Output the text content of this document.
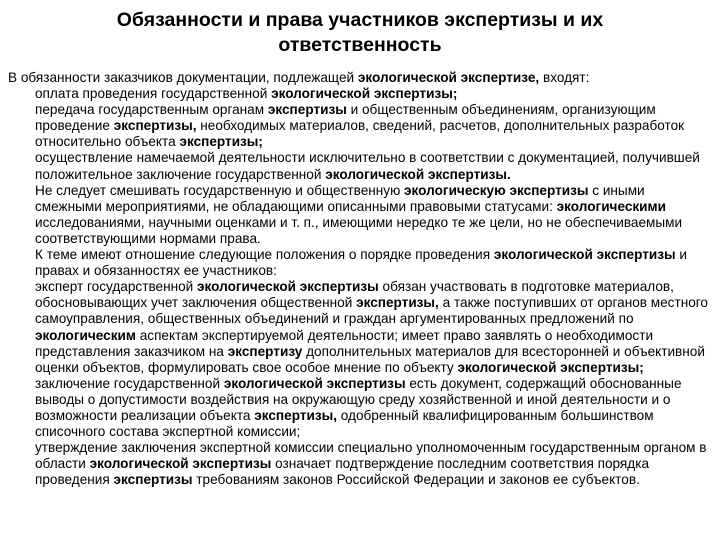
Обязанности и права участников экспертизы и их ответственность

В обязанности заказчиков документации, подлежащей экологической экспертизе, входят:
оплата проведения государственной экологической экспертизы;

передача государственным органам экспертизы и общественным объединениям, организующим проведение экспертизы, необходимых материалов, сведений, расчетов, дополнительных разработок относительно объекта экспертизы;

осуществление намечаемой деятельности исключительно в соответствии с документацией, получившей положительное заключение государственной экологической экспертизы.

Не следует смешивать государственную и общественную экологическую экспертизы с иными смежными мероприятиями, не обладающими описанными правовыми статусами: экологическими исследованиями, научными оценками и т. п., имеющими нередко те же цели, но не обеспечиваемыми соответствующими нормами права.

К теме имеют отношение следующие положения о порядке проведения экологической экспертизы и правах и обязанностях ее участников:

эксперт государственной экологической экспертизы обязан участвовать в подготовке материалов, обосновывающих учет заключения общественной экспертизы, а также поступивших от органов местного самоуправления, общественных объединений и граждан аргументированных предложений по экологическим аспектам экспертируемой деятельности; имеет право заявлять о необходимости представления заказчиком на экспертизу дополнительных материалов для всесторонней и объективной оценки объектов, формулировать свое особое мнение по объекту экологической экспертизы;

заключение государственной экологической экспертизы есть документ, содержащий обоснованные выводы о допустимости воздействия на окружающую среду хозяйственной и иной деятельности и о возможности реализации объекта экспертизы, одобренный квалифицированным большинством списочного состава экспертной комиссии;

утверждение заключения экспертной комиссии специально уполномоченным государственным органом в области экологической экспертизы означает подтверждение последним соответствия порядка проведения экспертизы требованиям законов Российской Федерации и законов ее субъектов.
